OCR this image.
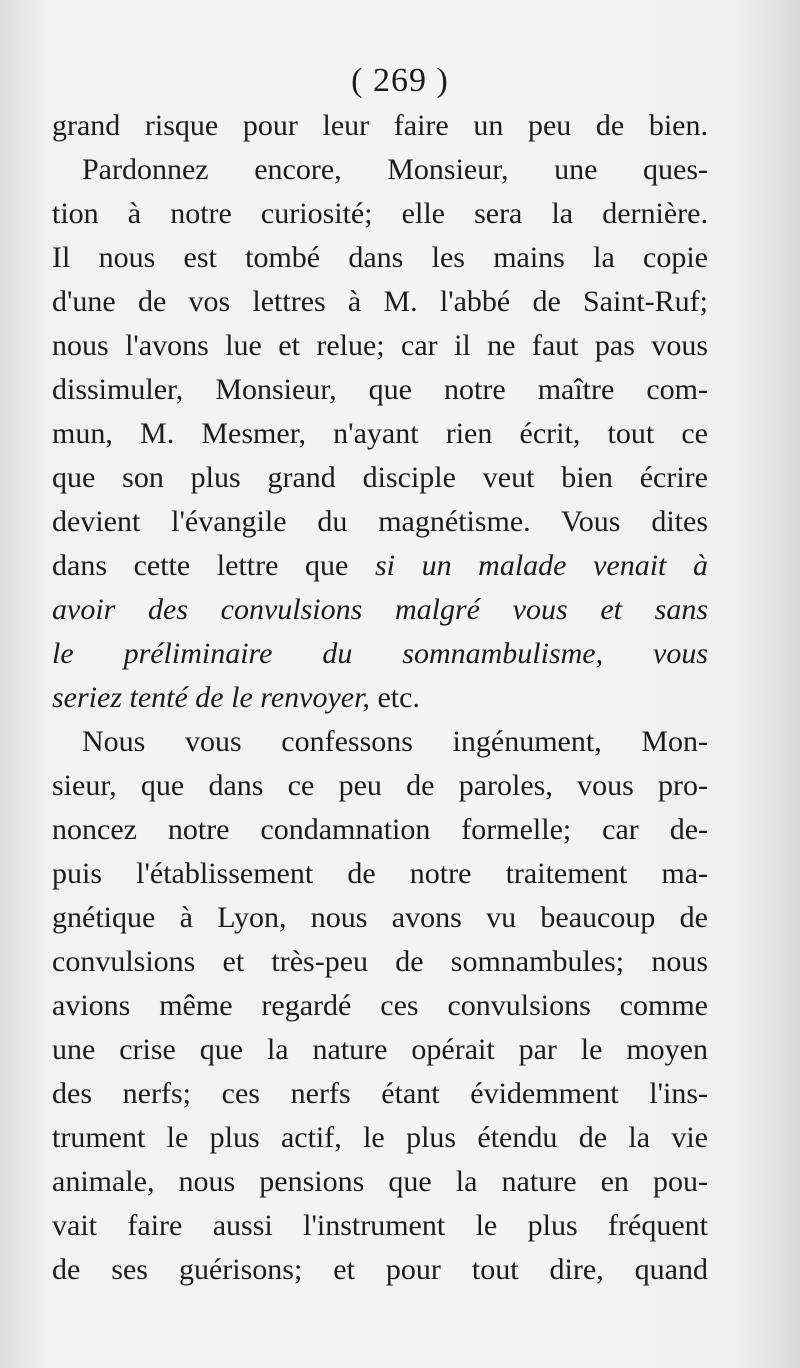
( 269 )
grand risque pour leur faire un peu de bien.
Pardonnez encore, Monsieur, une ques-
tion à notre curiosité; elle sera la dernière.
Il nous est tombé dans les mains la copie
d'une de vos lettres à M. l'abbé de Saint-Ruf;
nous l'avons lue et relue; car il ne faut pas vous
dissimuler, Monsieur, que notre maître com-
mun, M. Mesmer, n'ayant rien écrit, tout ce
que son plus grand disciple veut bien écrire
devient l'évangile du magnétisme. Vous dites
dans cette lettre que si un malade venait à
avoir des convulsions malgré vous et sans
le préliminaire du somnambulisme, vous
seriez tenté de le renvoyer, etc.
Nous vous confessons ingénument, Mon-
sieur, que dans ce peu de paroles, vous pro-
noncez notre condamnation formelle; car de-
puis l'établissement de notre traitement ma-
gnétique à Lyon, nous avons vu beaucoup de
convulsions et très-peu de somnambules; nous
avions même regardé ces convulsions comme
une crise que la nature opérait par le moyen
des nerfs; ces nerfs étant évidemment l'ins-
trument le plus actif, le plus étendu de la vie
animale, nous pensions que la nature en pou-
vait faire aussi l'instrument le plus fréquent
de ses guérisons; et pour tout dire, quand
